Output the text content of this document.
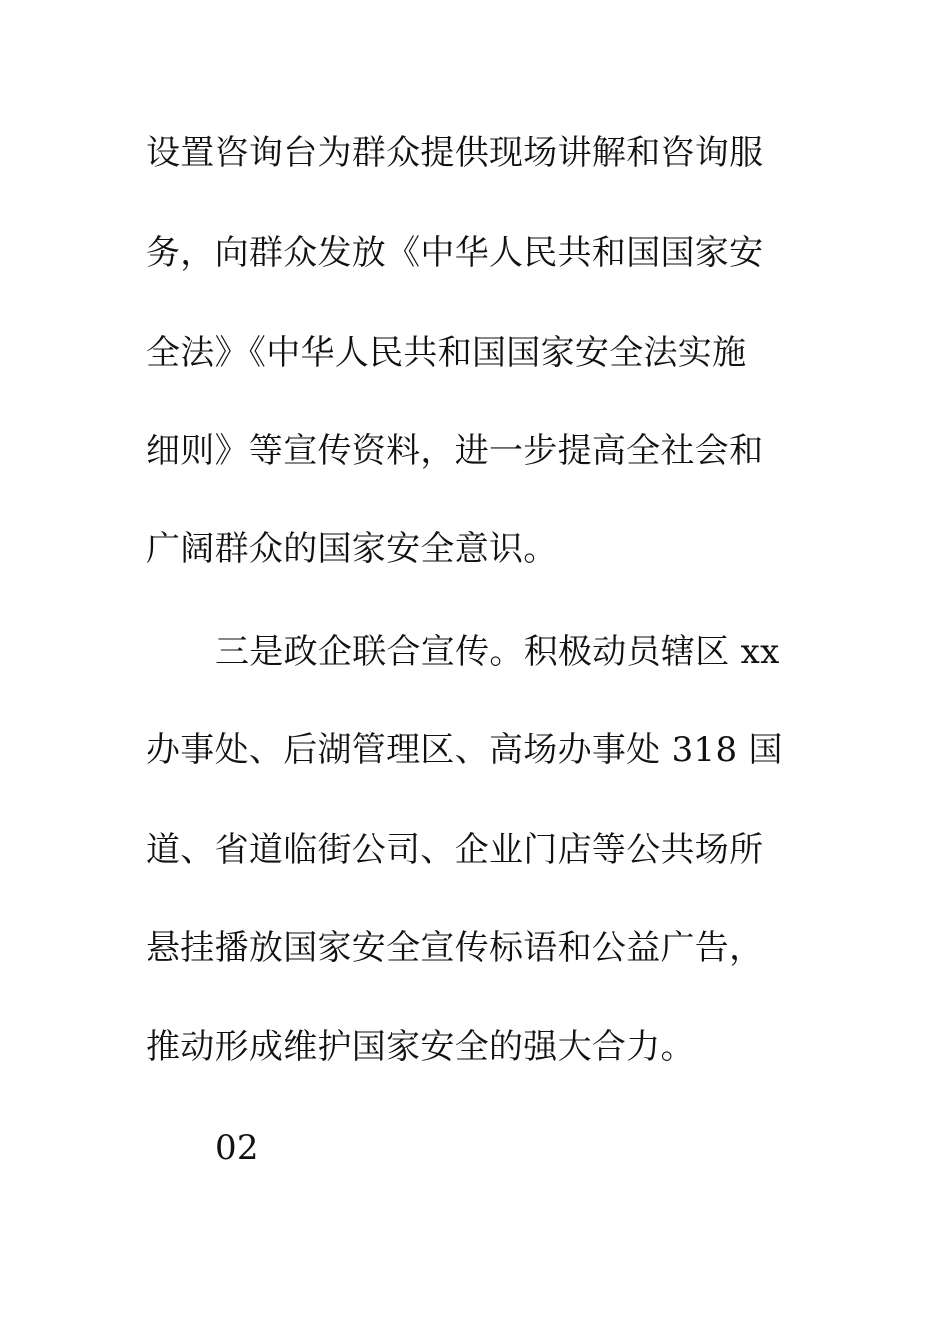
设置咨询台为群众提供现场讲解和咨询服
务，向群众发放《中华人民共和国国家安
全法》《中华人民共和国国家安全法实施
细则》等宣传资料，进一步提高全社会和
广阔群众的国家安全意识。
三是政企联合宣传。积极动员辖区 xx
办事处、后湖管理区、高场办事处 318 国
道、省道临街公司、企业门店等公共场所
悬挂播放国家安全宣传标语和公益广告，
推动形成维护国家安全的强大合力。
02
